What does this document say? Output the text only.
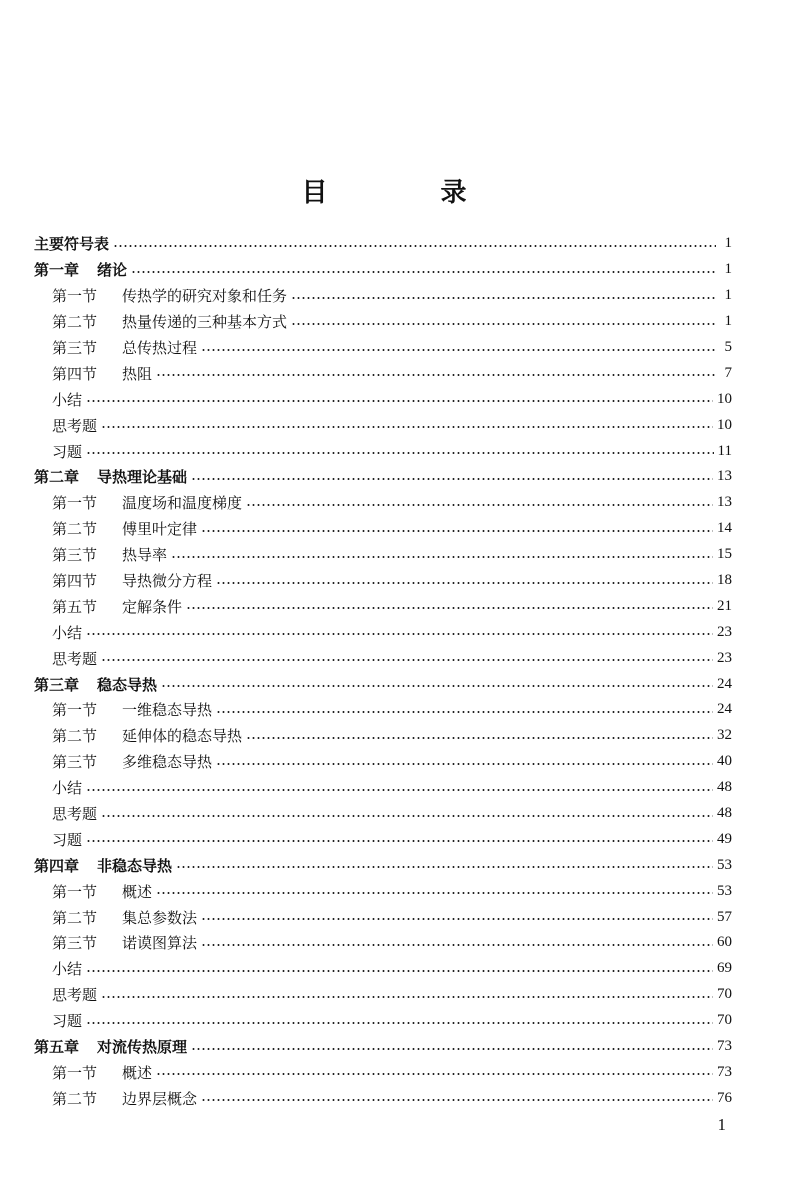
目 录
主要符号表	1
第一章 绪论	1
第一节	传热学的研究对象和任务	1
第二节	热量传递的三种基本方式	1
第三节	总传热过程	5
第四节	热阻	7
小结	10
思考题	10
习题	11
第二章 导热理论基础	13
第一节	温度场和温度梯度	13
第二节	傅里叶定律	14
第三节	热导率	15
第四节	导热微分方程	18
第五节	定解条件	21
小结	23
思考题	23
第三章 稳态导热	24
第一节	一维稳态导热	24
第二节	延伸体的稳态导热	32
第三节	多维稳态导热	40
小结	48
思考题	48
习题	49
第四章 非稳态导热	53
第一节	概述	53
第二节	集总参数法	57
第三节	诺谟图算法	60
小结	69
思考题	70
习题	70
第五章 对流传热原理	73
第一节	概述	73
第二节	边界层概念	76
1
